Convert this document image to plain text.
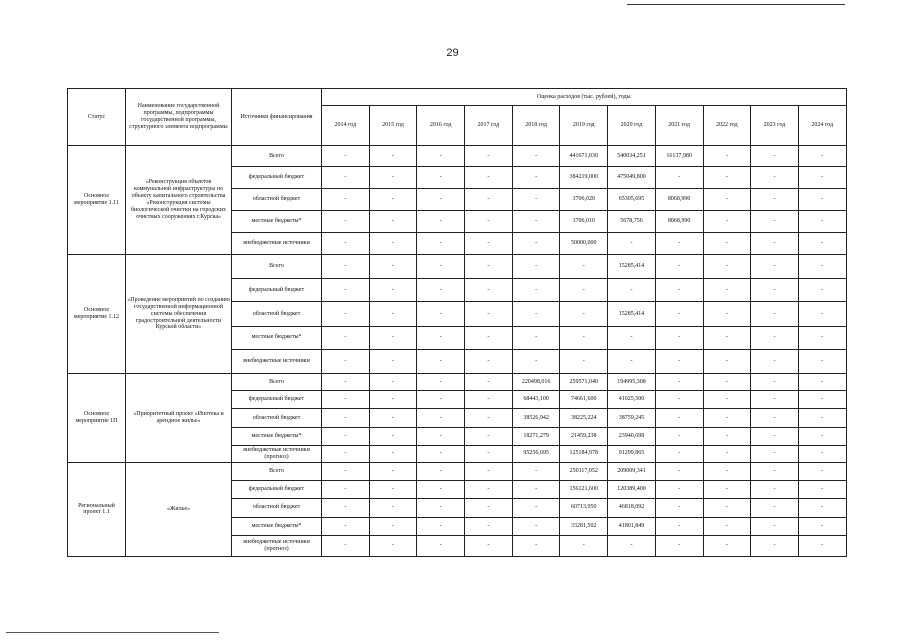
29
Статус	Наименование государственной программы, подпрограммы государственной программы, структурного элемента подпрограммы	Источники финансирования	Оценка расходов (тыс. рублей), годы										
			2014 год	2015 год	2016 год	2017 год	2018 год	2019 год	2020 год	2021 год	2022 год	2023 год	2024 год
Основное мероприятие 1.11	«Реконструкция объектов коммунальной инфраструктуры по объекту капитального строительства «Реконструкция системы биологической очистки на городских очистных сооружениях г.Курска»	Всего	-	-	-	-	-	441671,030	540034,251	16137,980	-	-	-
		федеральный бюджет	-	-	-	-	-	384219,000	475049,800	-	-	-	-
		областной бюджет	-	-	-	-	-	3706,020	65305,695	8068,990	-	-	-
		местные бюджеты*	-	-	-	-	-	3706,010	5678,756	8068,990	-	-	-
		внебюджетные источники	-	-	-	-	-	50000,000	-	-	-	-	-
Основное мероприятие 1.12	«Проведение мероприятий по созданию государственной информационной системы обеспечения градостроительной деятельности Курской области»	Всего	-	-	-	-	-	-	15285,414	-	-	-	-
		федеральный бюджет	-	-	-	-	-	-	-	-	-	-	-
		областной бюджет	-	-	-	-	-	-	15285,414	-	-	-	-
		местные бюджеты*	-	-	-	-	-	-	-	-	-	-	-
		внебюджетные источники	-	-	-	-	-	-	-	-	-	-	-
Основное мероприятие 1П	«Приоритетный проект «Ипотека и арендное жилье»	Всего	-	-	-	-	220498,016	259571,040	194995,308	-	-	-	-
		федеральный бюджет	-	-	-	-	68443,100	74661,600	41025,500	-	-	-	-
		областной бюджет	-	-	-	-	38526,942	38225,224	38759,245	-	-	-	-
		местные бюджеты*	-	-	-	-	18271,279	21459,238	23940,698	-	-	-	-
		внебюджетные источники (прогноз)	-	-	-	-	95256,695	125184,978	91299,865	-	-	-	-
Региональный проект 1.1	«Жилье»	Всего	-	-	-	-	-	250117,052	209009,341	-	-	-	-
		федеральный бюджет	-	-	-	-	-	156121,600	120389,400	-	-	-	-
		областной бюджет	-	-	-	-	-	60713,950	46818,092	-	-	-	-
		местные бюджеты*	-	-	-	-	-	33281,502	41801,849	-	-	-	-
		внебюджетные источники (прогноз)	-	-	-	-	-	-	-	-	-	-	-
